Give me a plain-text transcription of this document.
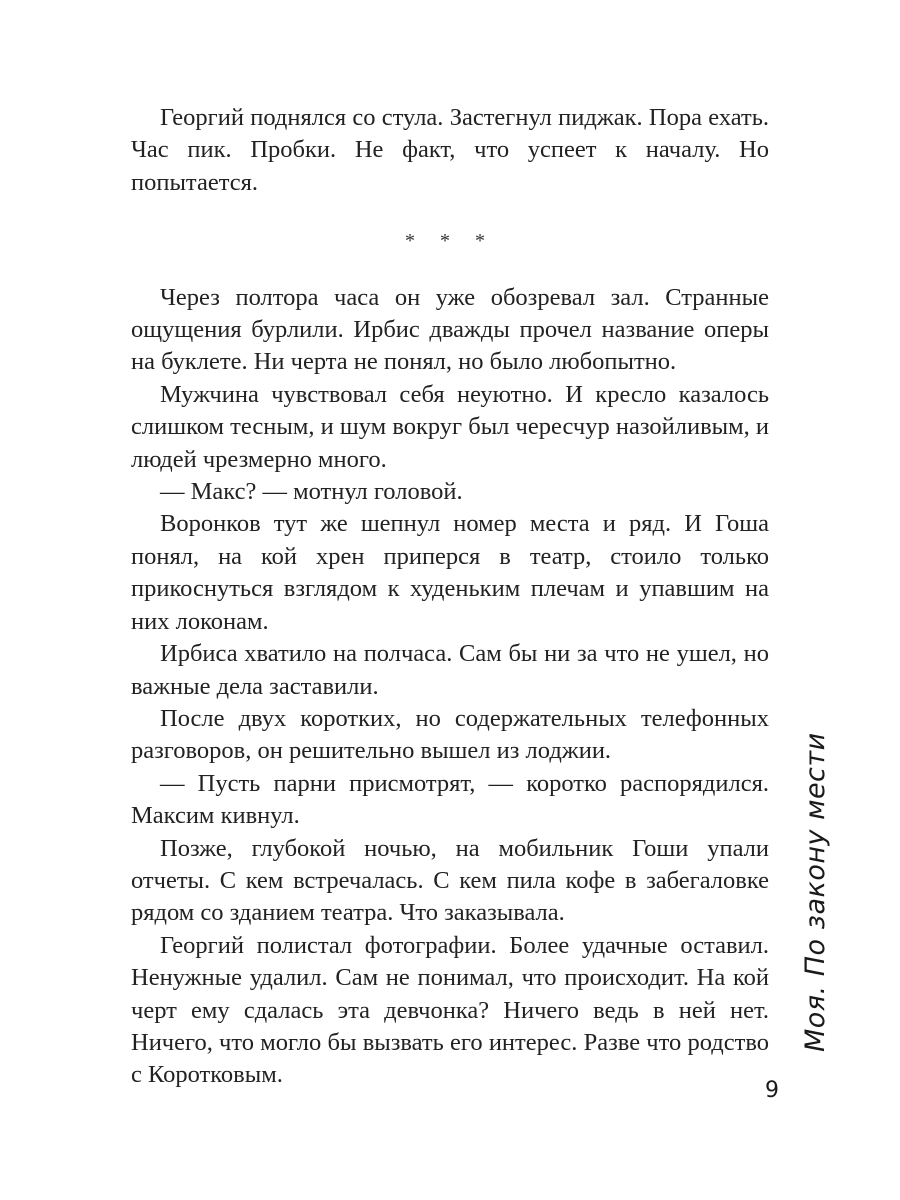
Георгий поднялся со стула. Застегнул пиджак. Пора ехать. Час пик. Пробки. Не факт, что успеет к началу. Но попытается.

* * *

Через полтора часа он уже обозревал зал. Странные ощущения бурлили. Ирбис дважды прочел название оперы на буклете. Ни черта не понял, но было любопытно.

Мужчина чувствовал себя неуютно. И кресло казалось слишком тесным, и шум вокруг был чересчур назойливым, и людей чрезмерно много.

— Макс? — мотнул головой.

Воронков тут же шепнул номер места и ряд. И Гоша понял, на кой хрен приперся в театр, стоило только прикоснуться взглядом к худеньким плечам и упавшим на них локонам.

Ирбиса хватило на полчаса. Сам бы ни за что не ушел, но важные дела заставили.

После двух коротких, но содержательных телефонных разговоров, он решительно вышел из лоджии.

— Пусть парни присмотрят, — коротко распорядился. Максим кивнул.

Позже, глубокой ночью, на мобильник Гоши упали отчеты. С кем встречалась. С кем пила кофе в забегаловке рядом со зданием театра. Что заказывала.

Георгий полистал фотографии. Более удачные оставил. Ненужные удалил. Сам не понимал, что происходит. На кой черт ему сдалась эта девчонка? Ничего ведь в ней нет. Ничего, что могло бы вызвать его интерес. Разве что родство с Коротковым.

Моя. По закону мести
9
